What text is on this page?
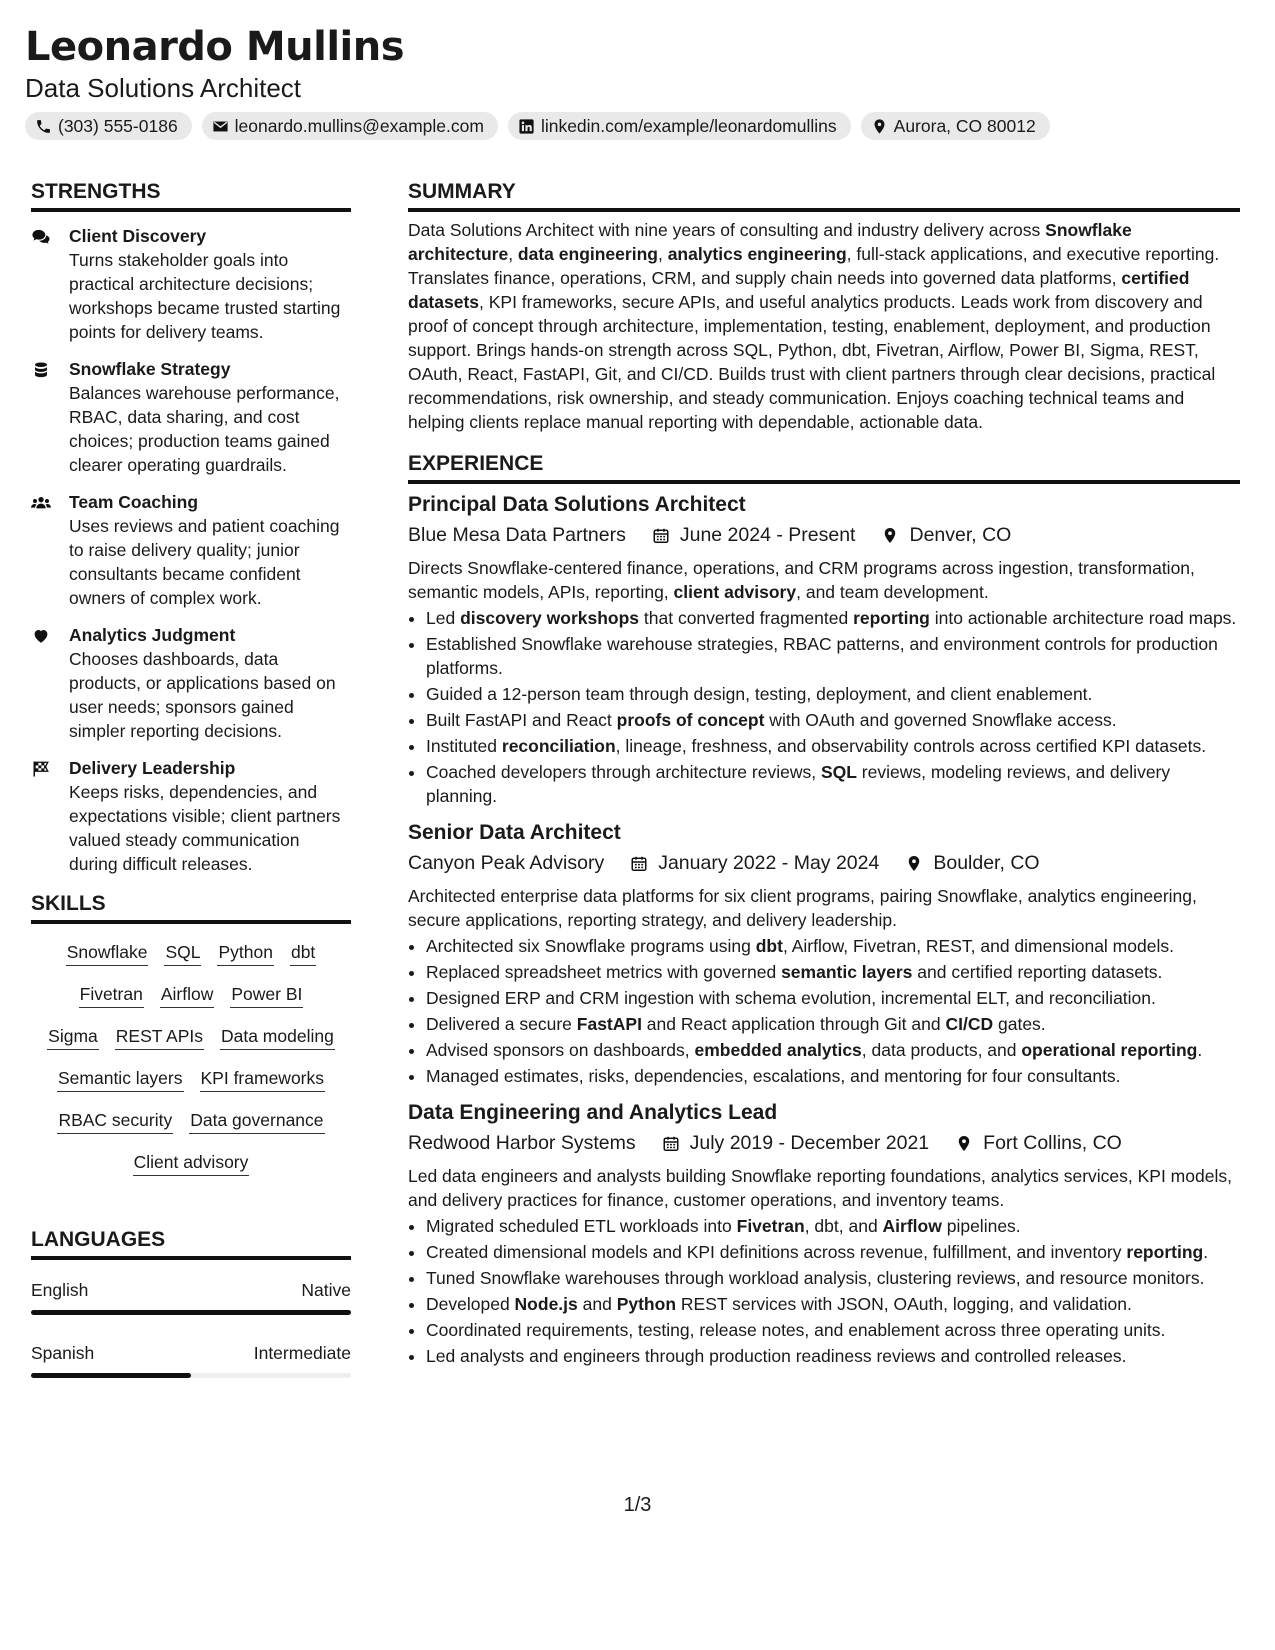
Leonardo Mullins
Data Solutions Architect
(303) 555-0186	leonardo.mullins@example.com	linkedin.com/example/leonardomullins	Aurora, CO 80012
STRENGTHS
Client Discovery
Turns stakeholder goals into practical architecture decisions; workshops became trusted starting points for delivery teams.
Snowflake Strategy
Balances warehouse performance, RBAC, data sharing, and cost choices; production teams gained clearer operating guardrails.
Team Coaching
Uses reviews and patient coaching to raise delivery quality; junior consultants became confident owners of complex work.
Analytics Judgment
Chooses dashboards, data products, or applications based on user needs; sponsors gained simpler reporting decisions.
Delivery Leadership
Keeps risks, dependencies, and expectations visible; client partners valued steady communication during difficult releases.
SKILLS
Snowflake SQL Python dbt
Fivetran Airflow Power BI
Sigma REST APIs Data modeling
Semantic layers KPI frameworks
RBAC security Data governance
Client advisory
LANGUAGES
English	Native
Spanish	Intermediate
SUMMARY

Data Solutions Architect with nine years of consulting and industry delivery across Snowflake architecture, data engineering, analytics engineering, full-stack applications, and executive reporting. Translates finance, operations, CRM, and supply chain needs into governed data platforms, certified datasets, KPI frameworks, secure APIs, and useful analytics products. Leads work from discovery and proof of concept through architecture, implementation, testing, enablement, deployment, and production support. Brings hands-on strength across SQL, Python, dbt, Fivetran, Airflow, Power BI, Sigma, REST, OAuth, React, FastAPI, Git, and CI/CD. Builds trust with client partners through clear decisions, practical recommendations, risk ownership, and steady communication. Enjoys coaching technical teams and helping clients replace manual reporting with dependable, actionable data.

EXPERIENCE
Principal Data Solutions Architect
Blue Mesa Data Partners	June 2024 - Present	Denver, CO

Directs Snowflake-centered finance, operations, and CRM programs across ingestion, transformation, semantic models, APIs, reporting, client advisory, and team development.

• Led discovery workshops that converted fragmented reporting into actionable architecture road maps.
• Established Snowflake warehouse strategies, RBAC patterns, and environment controls for production platforms.
• Guided a 12-person team through design, testing, deployment, and client enablement.
• Built FastAPI and React proofs of concept with OAuth and governed Snowflake access.
• Instituted reconciliation, lineage, freshness, and observability controls across certified KPI datasets.
• Coached developers through architecture reviews, SQL reviews, modeling reviews, and delivery planning.
Senior Data Architect
Canyon Peak Advisory	January 2022 - May 2024	Boulder, CO

Architected enterprise data platforms for six client programs, pairing Snowflake, analytics engineering, secure applications, reporting strategy, and delivery leadership.

• Architected six Snowflake programs using dbt, Airflow, Fivetran, REST, and dimensional models.
• Replaced spreadsheet metrics with governed semantic layers and certified reporting datasets.
• Designed ERP and CRM ingestion with schema evolution, incremental ELT, and reconciliation.
• Delivered a secure FastAPI and React application through Git and CI/CD gates.
• Advised sponsors on dashboards, embedded analytics, data products, and operational reporting.
• Managed estimates, risks, dependencies, escalations, and mentoring for four consultants.
Data Engineering and Analytics Lead
Redwood Harbor Systems	July 2019 - December 2021	Fort Collins, CO

Led data engineers and analysts building Snowflake reporting foundations, analytics services, KPI models, and delivery practices for finance, customer operations, and inventory teams.

• Migrated scheduled ETL workloads into Fivetran, dbt, and Airflow pipelines.
• Created dimensional models and KPI definitions across revenue, fulfillment, and inventory reporting.
• Tuned Snowflake warehouses through workload analysis, clustering reviews, and resource monitors.
• Developed Node.js and Python REST services with JSON, OAuth, logging, and validation.
• Coordinated requirements, testing, release notes, and enablement across three operating units.
• Led analysts and engineers through production readiness reviews and controlled releases.
1/3
